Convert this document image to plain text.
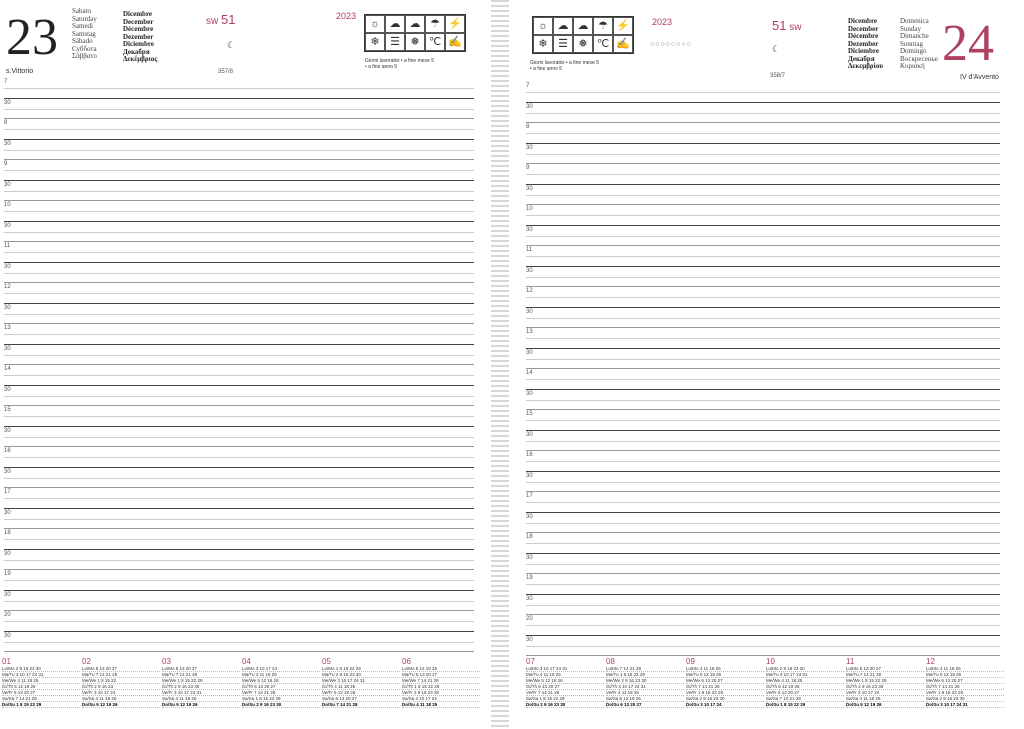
23 Sabato
Saturday
Samedi
Samstag
Sábado
Субботa
Σάββατο
Dicembre
December
Décembre
Dezember
Diciembre
Декабря
Δεκέμβριος
sw 51
☾
2023
☼ ☁ ☁ ☂ ⚡
❄ ☰ ❅ ℃ ✍
Giorni lavorativi • a fine mese 5
• a fine anno 5
s.Vittorio	357/8
7
30
8
30
9
30
10
30
11
30
12
30
13
30
14
30
15
30
16
30
17
30
18
30
19
30
20
30
01
Lu/Mo 2 9 16 23 30
Ma/Tu 3 10 17 24 31
Me/We 4 11 18 25
Gi/Th 5 12 19 26
Ve/Fr 6 13 20 27
Sa/Sa 7 14 21 28
Do/Su 1 8 15 22 29
02
Lu/Mo 6 13 20 27
Ma/Tu 7 14 21 28
Me/We 1 8 15 22
Gi/Th 2 9 16 23
Ve/Fr 3 10 17 24
Sa/Sa 4 11 18 25
Do/Su 5 12 19 26
03
Lu/Mo 6 13 20 27
Ma/Tu 7 14 21 28
Me/We 1 8 15 22 29
Gi/Th 2 9 16 23 30
Ve/Fr 3 10 17 24 31
Sa/Sa 4 11 18 25
Do/Su 5 12 19 26
04
Lu/Mo 3 10 17 24
Ma/Tu 4 11 18 25
Me/We 5 12 19 26
Gi/Th 6 13 20 27
Ve/Fr 7 14 21 28
Sa/Sa 1 8 15 22 29
Do/Su 2 9 16 23 30
05
Lu/Mo 1 8 15 22 29
Ma/Tu 2 9 16 23 30
Me/We 3 10 17 24 31
Gi/Th 4 11 18 25
Ve/Fr 5 12 19 26
Sa/Sa 6 13 20 27
Do/Su 7 14 21 28
06
Lu/Mo 5 12 19 26
Ma/Tu 6 13 20 27
Me/We 7 14 21 28
Gi/Th 1 8 15 22 29
Ve/Fr 2 9 16 23 30
Sa/Sa 3 10 17 24
Do/Su 4 11 18 25
☼ ☁ ☁ ☂ ⚡
❄ ☰ ❅ ℃ ✍
2023
○○○○○○○○
Giorni lavorativi • a fine mese 5
• a fine anno 5
51 sw
☾
Dicembre
December
Décembre
Dezember
Diciembre
Декабря
Δεκεμβρίου
Domenica
Sunday
Dimanche
Sonntag
Domingo
Воскресенье
Κυριακή 24
358/7	IV d'Avvento
7
30
8
30
9
30
10
30
11
30
12
30
13
30
14
30
15
30
16
30
17
30
18
30
19
30
20
30
07
Lu/Mo 3 10 17 24 31
Ma/Tu 4 11 18 25
Me/We 5 12 19 26
Gi/Th 6 13 20 27
Ve/Fr 7 14 21 28
Sa/Sa 1 8 15 22 29
Do/Su 2 9 16 23 30
08
Lu/Mo 7 14 21 28
Ma/Tu 1 8 15 22 29
Me/We 2 9 16 23 30
Gi/Th 3 10 17 24 31
Ve/Fr 4 11 18 25
Sa/Sa 5 12 19 26
Do/Su 6 13 20 27
09
Lu/Mo 4 11 18 25
Ma/Tu 5 12 19 26
Me/We 6 13 20 27
Gi/Th 7 14 21 28
Ve/Fr 1 8 15 22 29
Sa/Sa 2 9 16 23 30
Do/Su 3 10 17 24
10
Lu/Mo 2 9 16 23 30
Ma/Tu 3 10 17 24 31
Me/We 4 11 18 25
Gi/Th 5 12 19 26
Ve/Fr 6 13 20 27
Sa/Sa 7 14 21 28
Do/Su 1 8 15 22 29
11
Lu/Mo 6 13 20 27
Ma/Tu 7 14 21 28
Me/We 1 8 15 22 29
Gi/Th 2 9 16 23 30
Ve/Fr 3 10 17 24
Sa/Sa 4 11 18 25
Do/Su 5 12 19 26
12
Lu/Mo 4 11 18 25
Ma/Tu 5 12 19 26
Me/We 6 13 20 27
Gi/Th 7 14 21 28
Ve/Fr 1 8 15 22 29
Sa/Sa 2 9 16 23 30
Do/Su 3 10 17 24 31
